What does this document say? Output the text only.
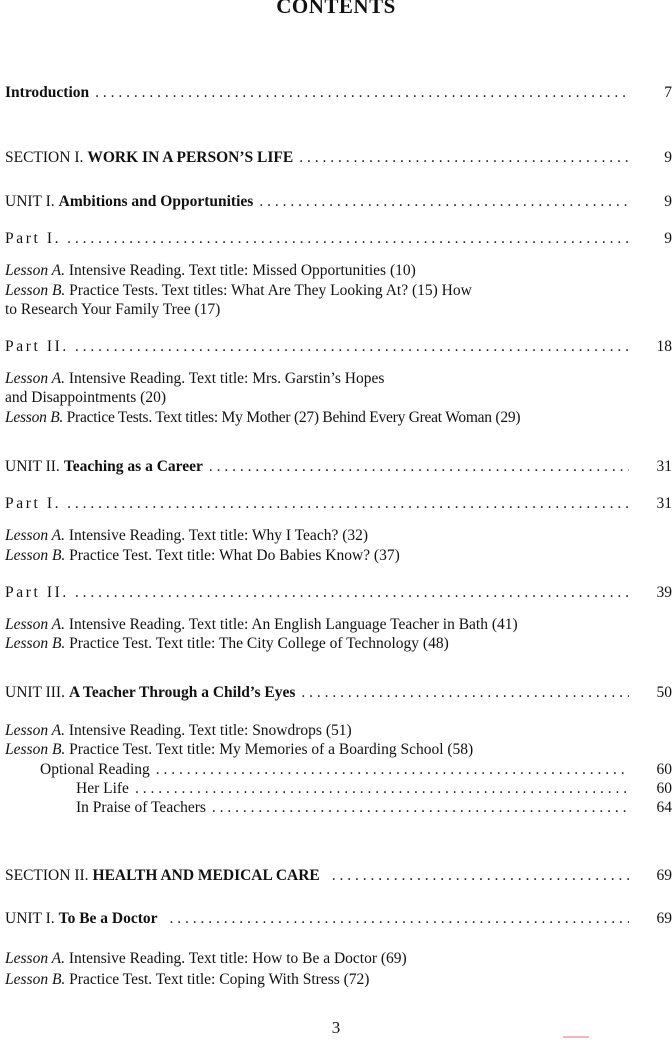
CONTENTS
Introduction . . .	7
SECTION I. WORK IN A PERSON’S LIFE . . .	9
UNIT I. Ambitions and Opportunities . . .	9
Part I. . . .	9
Lesson A. Intensive Reading. Text title: Missed Opportunities (10)
Lesson B. Practice Tests. Text titles: What Are They Looking At? (15) How
to Research Your Family Tree (17)
Part II. . . .	18
Lesson A. Intensive Reading. Text title: Mrs. Garstin’s Hopes
and Disappointments (20)
Lesson B. Practice Tests. Text titles: My Mother (27) Behind Every Great Woman (29)
UNIT II. Teaching as a Career . . .	31
Part I. . . .	31
Lesson A. Intensive Reading. Text title: Why I Teach? (32)
Lesson B. Practice Test. Text title: What Do Babies Know? (37)
Part II. . . .	39
Lesson A. Intensive Reading. Text title: An English Language Teacher in Bath (41)
Lesson B. Practice Test. Text title: The City College of Technology (48)
UNIT III. A Teacher Through a Child’s Eyes . . .	50
Lesson A. Intensive Reading. Text title: Snowdrops (51)
Lesson B. Practice Test. Text title: My Memories of a Boarding School (58)
Optional Reading . . .	60
Her Life . . .	60
In Praise of Teachers . . .	64
SECTION II. HEALTH AND MEDICAL CARE . . .	69
UNIT I. To Be a Doctor . . .	69
Lesson A. Intensive Reading. Text title: How to Be a Doctor (69)
Lesson B. Practice Test. Text title: Coping With Stress (72)
3
